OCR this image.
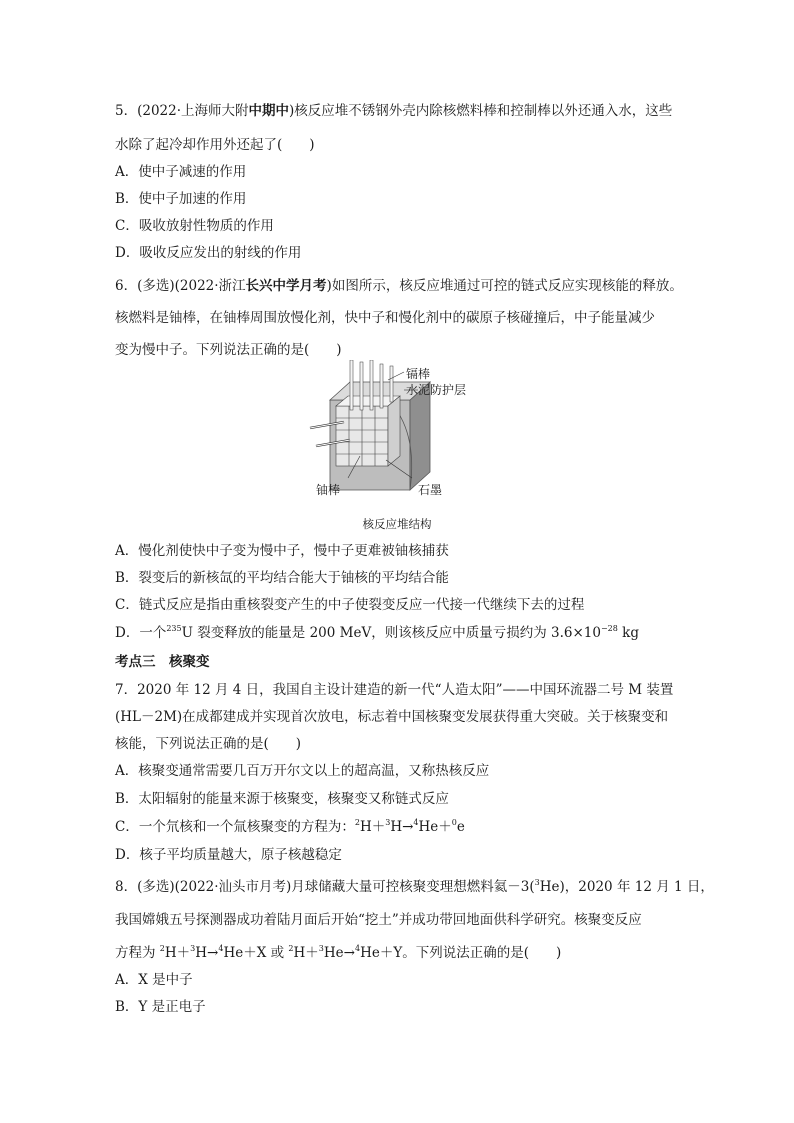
5．(2022·上海师大附中期中)核反应堆不锈钢外壳内除核燃料棒和控制棒以外还通入水，这些
水除了起冷却作用外还起了(　　)
A．使中子减速的作用
B．使中子加速的作用
C．吸收放射性物质的作用
D．吸收反应发出的射线的作用
6．(多选)(2022·浙江长兴中学月考)如图所示，核反应堆通过可控的链式反应实现核能的释放。
核燃料是铀棒，在铀棒周围放慢化剂，快中子和慢化剂中的碳原子核碰撞后，中子能量减少
变为慢中子。下列说法正确的是(　　)
镉棒
水泥防护层
铀棒	石墨
核反应堆结构
A．慢化剂使快中子变为慢中子，慢中子更难被铀核捕获
B．裂变后的新核氙的平均结合能大于铀核的平均结合能
C．链式反应是指由重核裂变产生的中子使裂变反应一代接一代继续下去的过程
D．一个$^{235}$U 裂变释放的能量是 200 MeV，则该核反应中质量亏损约为 $3.6\times 10^{-28}$ kg
考点三　核聚变
7．2020 年 12 月 4 日，我国自主设计建造的新一代“人造太阳”——中国环流器二号 M 装置
(HL－2M)在成都建成并实现首次放电，标志着中国核聚变发展获得重大突破。关于核聚变和
核能，下列说法正确的是(　　)
A．核聚变通常需要几百万开尔文以上的超高温，又称热核反应
B．太阳辐射的能量来源于核聚变，核聚变又称链式反应
C．一个氘核和一个氚核聚变的方程为：$^2$H＋$^3$H→$^4$He＋$^0$e
D．核子平均质量越大，原子核越稳定
8．(多选)(2022·汕头市月考)月球储藏大量可控核聚变理想燃料氦－3($^3$He)，2020 年 12 月 1 日，
我国嫦娥五号探测器成功着陆月面后开始“挖土”并成功带回地面供科学研究。核聚变反应
方程为 $^2$H＋$^3$H→$^4$He＋X 或 $^2$H＋$^3$He→$^4$He＋Y。下列说法正确的是(　　)
A．X 是中子
B．Y 是正电子
